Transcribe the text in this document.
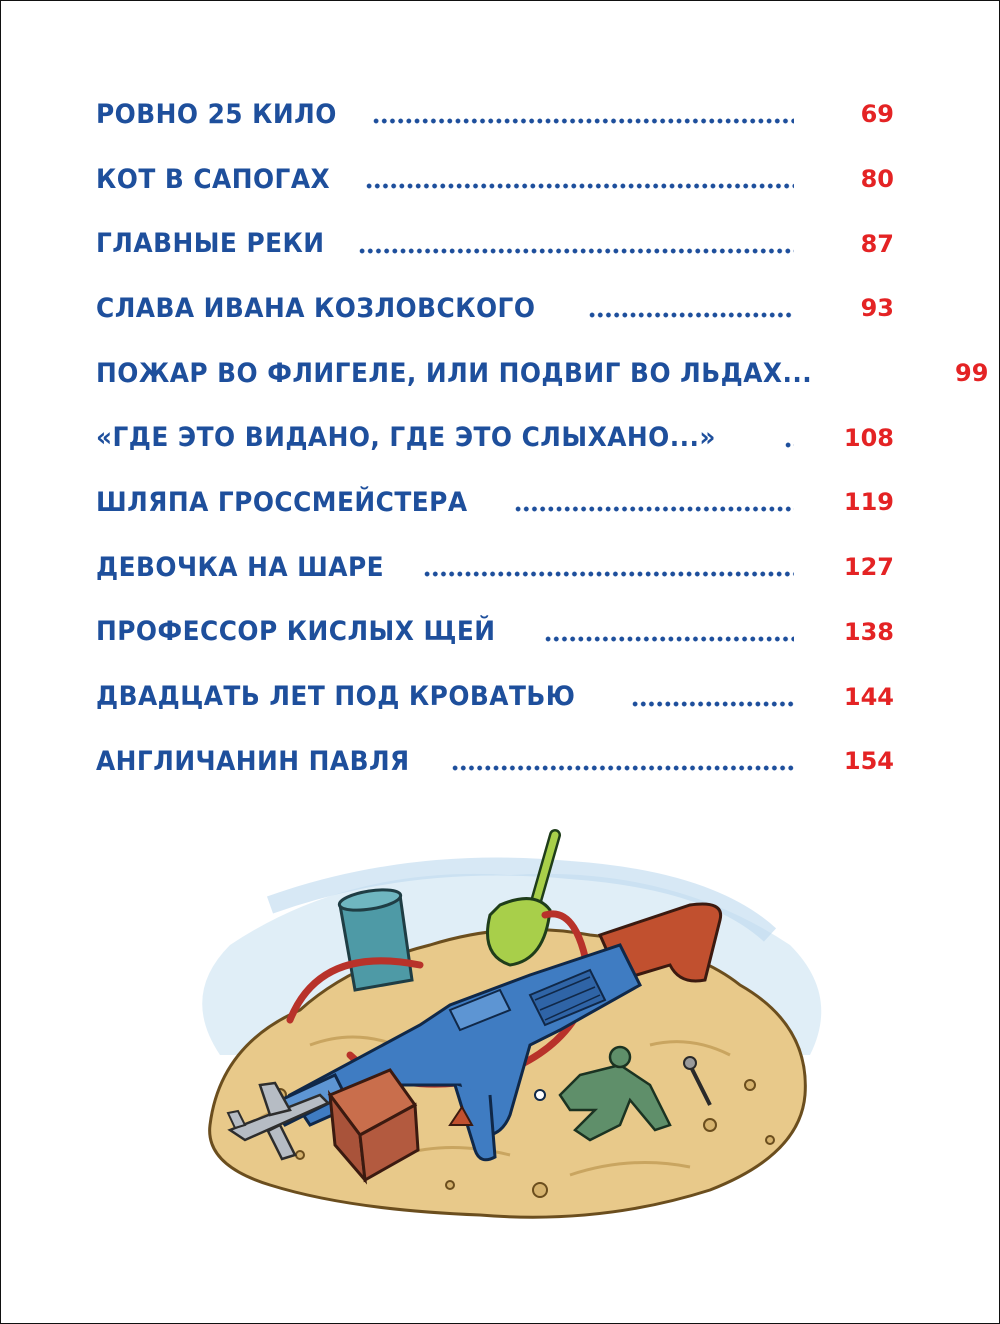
РОВНО 25 КИЛО	69
КОТ В САПОГАХ	80
ГЛАВНЫЕ РЕКИ	87
СЛАВА ИВАНА КОЗЛОВСКОГО	93
ПОЖАР ВО ФЛИГЕЛЕ, ИЛИ ПОДВИГ ВО ЛЬДАХ...	99
«ГДЕ ЭТО ВИДАНО, ГДЕ ЭТО СЛЫХАНО...»	108
ШЛЯПА ГРОССМЕЙСТЕРА	119
ДЕВОЧКА НА ШАРЕ	127
ПРОФЕССОР КИСЛЫХ ЩЕЙ	138
ДВАДЦАТЬ ЛЕТ ПОД КРОВАТЬЮ	144
АНГЛИЧАНИН ПАВЛЯ	154
